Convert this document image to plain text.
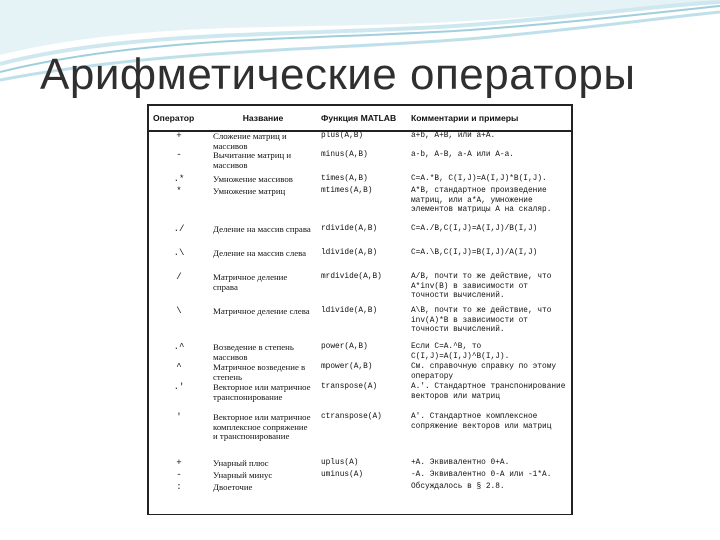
Арифметические операторы
Оператор	Название	Функция MATLAB	Комментарии и примеры
+	Сложение матриц и массивов	plus(A,B)	a+b, A+B, или a+A.
-	Вычитание матриц и массивов	minus(A,B)	a-b, A-B, a-A или A-a.
.*	Умножение массивов	times(A,B)	C=A.*B, C(I,J)=A(I,J)*B(I,J).
*	Умножение матриц	mtimes(A,B)	A*B, стандартное произведение матриц, или a*A, умножение элементов матрицы A на скаляр.
./	Деление на массив справа	rdivide(A,B)	C=A./B,C(I,J)=A(I,J)/B(I,J)
.\	Деление на массив слева	ldivide(A,B)	C=A.\B,C(I,J)=B(I,J)/A(I,J)
/	Матричное деление справа	mrdivide(A,B)	A/B, почти то же действие, что A*inv(B) в зависимости от точности вычислений.
\	Матричное деление слева	ldivide(A,B)	A\B, почти то же действие, что inv(A)*B в зависимости от точности вычислений.
.^	Возведение в степень массивов	power(A,B)	Если C=A.^B, то C(I,J)=A(I,J)^B(I,J).
^	Матричное возведение в степень	mpower(A,B)	См. справочную справку по этому оператору
.'	Векторное или матричное транспонирование	transpose(A)	A.'. Стандартное транспонирование векторов или матриц
'	Векторное или матричное комплексное сопряжение и транспонирование	ctranspose(A)	A'. Стандартное комплексное сопряжение векторов или матриц
+	Унарный плюс	uplus(A)	+A. Эквивалентно 0+A.
-	Унарный минус	uminus(A)	-A. Эквивалентно 0-A или -1*A.
:	Двоеточие		Обсуждалось в § 2.8.
